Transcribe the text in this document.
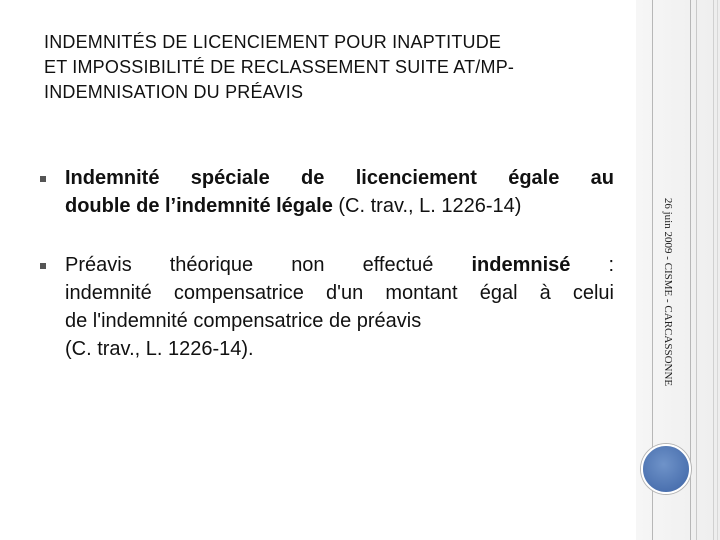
26 juin 2009 - CISME - CARCASSONNE
INDEMNITÉS DE LICENCIEMENT POUR INAPTITUDE
ET IMPOSSIBILITÉ DE RECLASSEMENT SUITE AT/MP-
INDEMNISATION DU PRÉAVIS
Indemnité spéciale de licenciement égale au
double de l’indemnité légale (C. trav., L. 1226-14)
Préavis théorique non effectué indemnisé :
indemnité compensatrice d'un montant égal à celui
de l'indemnité compensatrice de préavis
(C. trav., L. 1226-14).
